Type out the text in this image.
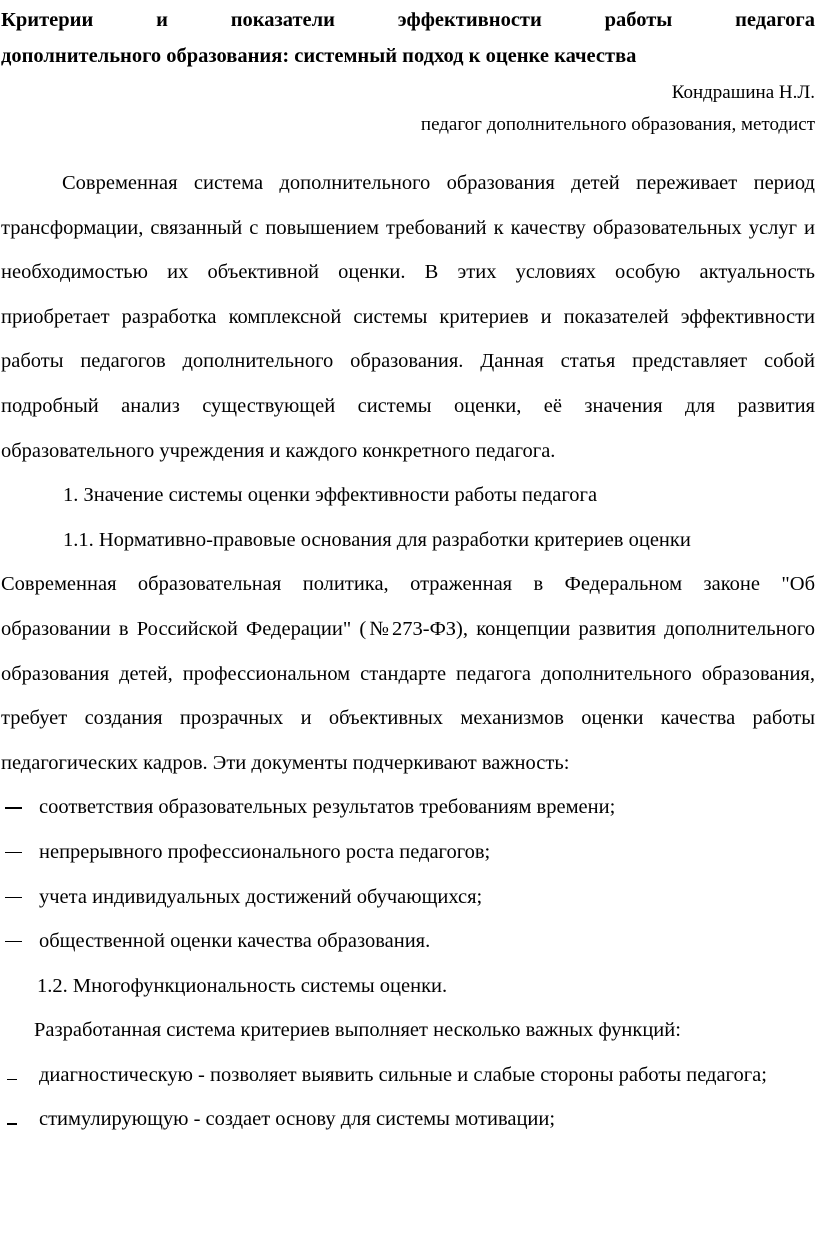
Критерии и показатели эффективности работы педагога
дополнительного образования: системный подход к оценке качества

Кондрашина Н.Л.

педагог дополнительного образования, методист

Современная система дополнительного образования детей переживает период трансформации, связанный с повышением требований к качеству образовательных услуг и необходимостью их объективной оценки. В этих условиях особую актуальность приобретает разработка комплексной системы критериев и показателей эффективности работы педагогов дополнительного образования. Данная статья представляет собой подробный анализ существующей системы оценки, её значения для развития образовательного учреждения и каждого конкретного педагога.

1. Значение системы оценки эффективности работы педагога

1.1. Нормативно-правовые основания для разработки критериев оценки

Современная образовательная политика, отраженная в Федеральном законе "Об образовании в Российской Федерации" (№273-ФЗ), концепции развития дополнительного образования детей, профессиональном стандарте педагога дополнительного образования, требует создания прозрачных и объективных механизмов оценки качества работы педагогических кадров. Эти документы подчеркивают важность:

соответствия образовательных результатов требованиям времени;
непрерывного профессионального роста педагогов;
учета индивидуальных достижений обучающихся;
общественной оценки качества образования.

1.2. Многофункциональность системы оценки.

Разработанная система критериев выполняет несколько важных функций:

диагностическую - позволяет выявить сильные и слабые стороны работы педагога;
стимулирующую - создает основу для системы мотивации;
